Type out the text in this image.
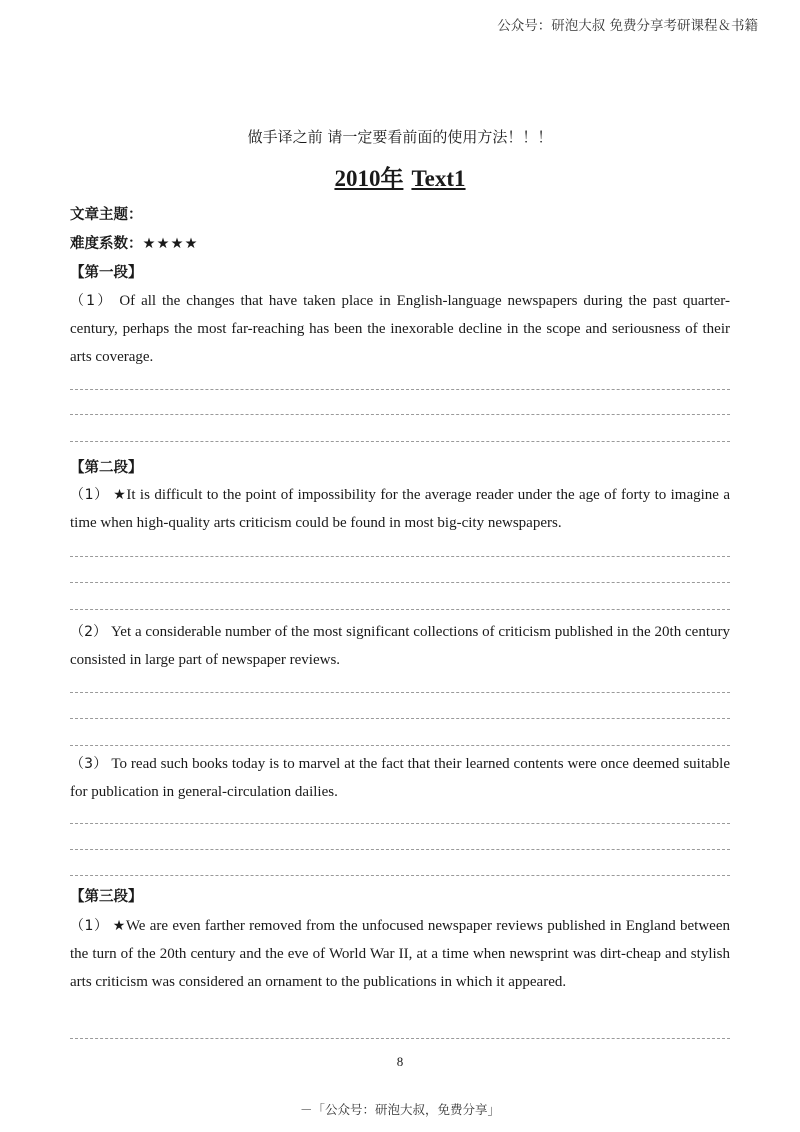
公众号：研泡大叔 免费分享考研课程＆书籍
做手译之前 请一定要看前面的使用方法！！！
2010年 Text1
文章主题：
难度系数：★★★★
【第一段】
（1） Of all the changes that have taken place in English-language newspapers during the past quarter-century, perhaps the most far-reaching has been the inexorable decline in the scope and seriousness of their arts coverage.
【第二段】
（1） ★It is difficult to the point of impossibility for the average reader under the age of forty to imagine a time when high-quality arts criticism could be found in most big-city newspapers.
（2） Yet a considerable number of the most significant collections of criticism published in the 20th century consisted in large part of newspaper reviews.
（3） To read such books today is to marvel at the fact that their learned contents were once deemed suitable for publication in general-circulation dailies.
【第三段】
（1） ★We are even farther removed from the unfocused newspaper reviews published in England between the turn of the 20th century and the eve of World War II, at a time when newsprint was dirt-cheap and stylish arts criticism was considered an ornament to the publications in which it appeared.
8
－「公众号：研泡大叔，免费分享」
